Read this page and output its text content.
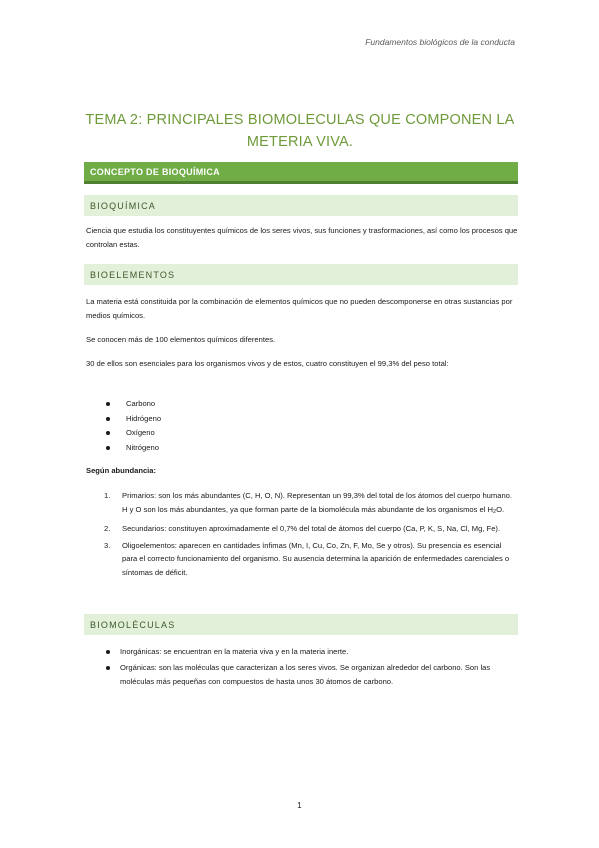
Fundamentos biológicos de la conducta
TEMA 2: PRINCIPALES BIOMOLECULAS QUE COMPONEN LA
METERIA VIVA.
CONCEPTO DE BIOQUÍMICA
BIOQUÍMICA

Ciencia que estudia los constituyentes químicos de los seres vivos, sus funciones y trasformaciones, así como los procesos que controlan estas.

BIOELEMENTOS

La materia está constituida por la combinación de elementos químicos que no pueden descomponerse en otras sustancias por medios químicos.

Se conocen más de 100 elementos químicos diferentes.

30 de ellos son esenciales para los organismos vivos y de estos, cuatro constituyen el 99,3% del peso total:

Carbono
Hidrógeno
Oxígeno
Nitrógeno

Según abundancia:

1. Primarios: son los más abundantes (C, H, O, N). Representan un 99,3% del total de los átomos del cuerpo humano. H y O son los más abundantes, ya que forman parte de la biomolécula más abundante de los organismos el $H_2O$.
2. Secundarios: constituyen aproximadamente el 0,7% del total de átomos del cuerpo (Ca, P, K, S, Na, Cl, Mg, Fe).
3. Oligoelementos: aparecen en cantidades ínfimas (Mn, I, Cu, Co, Zn, F, Mo, Se y otros). Su presencia es esencial para el correcto funcionamiento del organismo. Su ausencia determina la aparición de enfermedades carenciales o síntomas de déficit.
BIOMOLÉCULAS
Inorgánicas: se encuentran en la materia viva y en la materia inerte.
Orgánicas: son las moléculas que caracterizan a los seres vivos. Se organizan alrededor del carbono. Son las moléculas más pequeñas con compuestos de hasta unos 30 átomos de carbono.
1
